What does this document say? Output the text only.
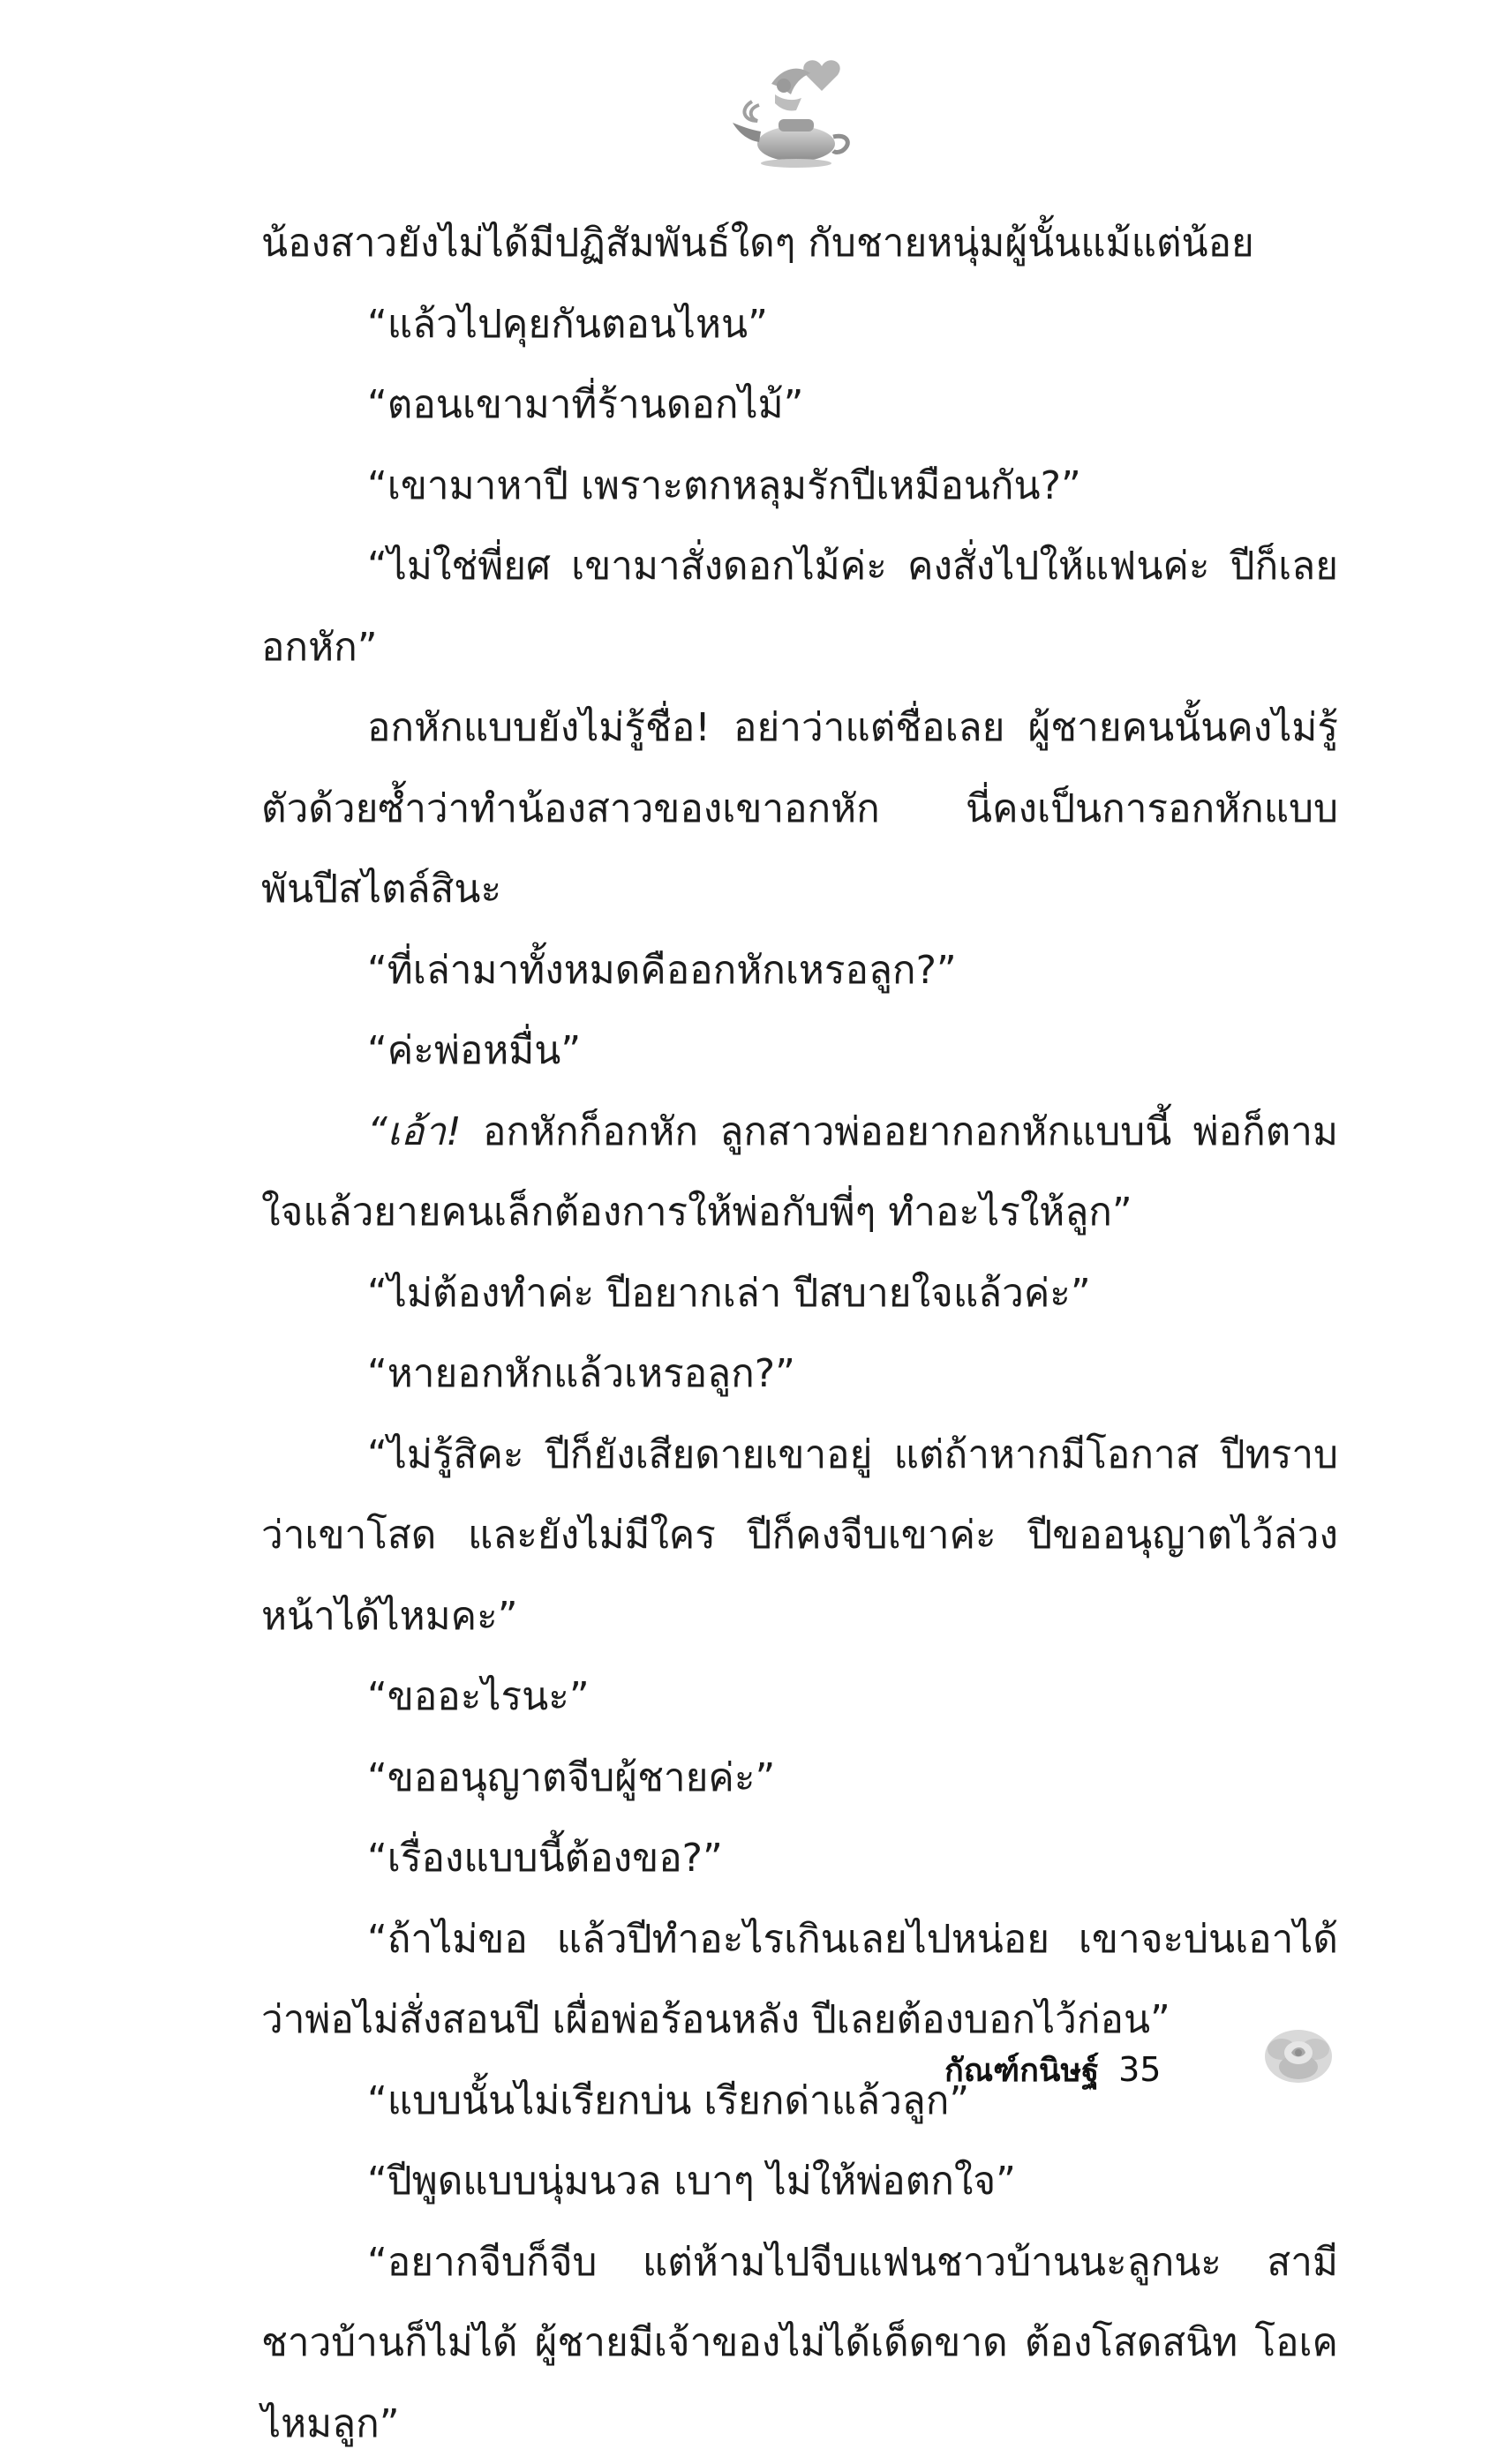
น้องสาวยังไม่ได้มีปฏิสัมพันธ์ใดๆ กับชายหนุ่มผู้นั้นแม้แต่น้อย

“แล้วไปคุยกันตอนไหน”

“ตอนเขามาที่ร้านดอกไม้”

“เขามาหาปี เพราะตกหลุมรักปีเหมือนกัน?”

“ไม่ใช่พี่ยศ เขามาสั่งดอกไม้ค่ะ คงสั่งไปให้แฟนค่ะ ปีก็เลยอกหัก”

อกหักแบบยังไม่รู้ชื่อ! อย่าว่าแต่ชื่อเลย ผู้ชายคนนั้นคงไม่รู้ตัวด้วยซ้ำว่าทำน้องสาวของเขาอกหัก นี่คงเป็นการอกหักแบบพันปีสไตล์สินะ

“ที่เล่ามาทั้งหมดคืออกหักเหรอลูก?”

“ค่ะพ่อหมื่น”

“เอ้า! อกหักก็อกหัก ลูกสาวพ่ออยากอกหักแบบนี้ พ่อก็ตามใจแล้วยายคนเล็กต้องการให้พ่อกับพี่ๆ ทำอะไรให้ลูก”

“ไม่ต้องทำค่ะ ปีอยากเล่า ปีสบายใจแล้วค่ะ”

“หายอกหักแล้วเหรอลูก?”

“ไม่รู้สิคะ ปีก็ยังเสียดายเขาอยู่ แต่ถ้าหากมีโอกาส ปีทราบว่าเขาโสด และยังไม่มีใคร ปีก็คงจีบเขาค่ะ ปีขออนุญาตไว้ล่วงหน้าได้ไหมคะ”

“ขออะไรนะ”

“ขออนุญาตจีบผู้ชายค่ะ”

“เรื่องแบบนี้ต้องขอ?”

“ถ้าไม่ขอ แล้วปีทำอะไรเกินเลยไปหน่อย เขาจะบ่นเอาได้ว่าพ่อไม่สั่งสอนปี เผื่อพ่อร้อนหลัง ปีเลยต้องบอกไว้ก่อน”

“แบบนั้นไม่เรียกบ่น เรียกด่าแล้วลูก”

“ปีพูดแบบนุ่มนวล เบาๆ ไม่ให้พ่อตกใจ”

“อยากจีบก็จีบ แต่ห้ามไปจีบแฟนชาวบ้านนะลูกนะ สามีชาวบ้านก็ไม่ได้ ผู้ชายมีเจ้าของไม่ได้เด็ดขาด ต้องโสดสนิท โอเคไหมลูก”

กัณฑ์กนิษฐ์ 35
